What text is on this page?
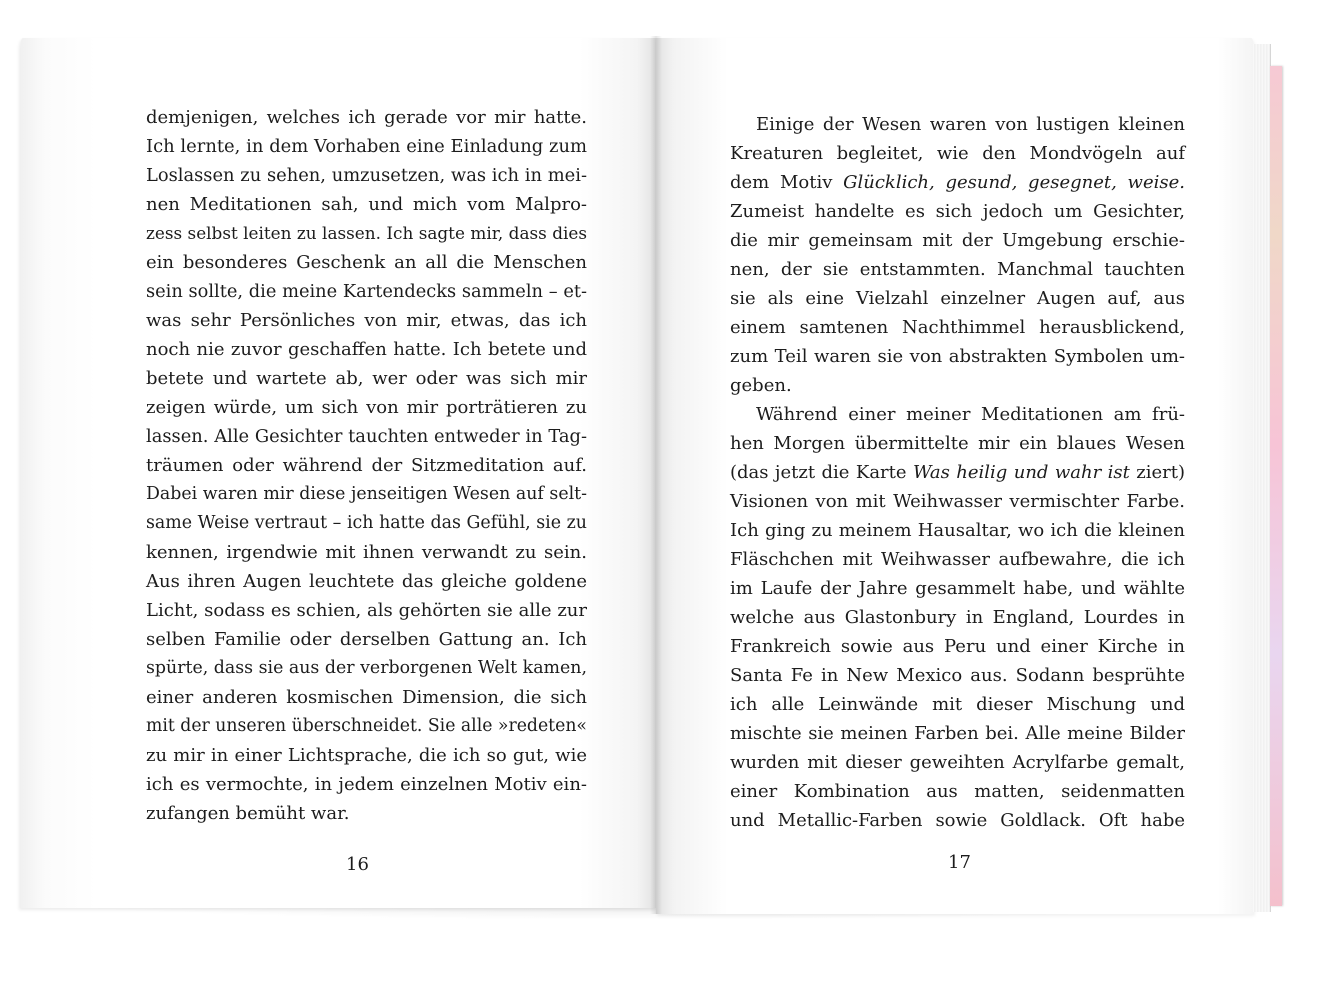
demjenigen, welches ich gerade vor mir hatte.
Ich lernte, in dem Vorhaben eine Einladung zum
Loslassen zu sehen, umzusetzen, was ich in mei-
nen Meditationen sah, und mich vom Malpro-
zess selbst leiten zu lassen. Ich sagte mir, dass dies
ein besonderes Geschenk an all die Menschen
sein sollte, die meine Kartendecks sammeln – et-
was sehr Persönliches von mir, etwas, das ich
noch nie zuvor geschaffen hatte. Ich betete und
betete und wartete ab, wer oder was sich mir
zeigen würde, um sich von mir porträtieren zu
lassen. Alle Gesichter tauchten entweder in Tag-
träumen oder während der Sitzmeditation auf.
Dabei waren mir diese jenseitigen Wesen auf selt-
same Weise vertraut – ich hatte das Gefühl, sie zu
kennen, irgendwie mit ihnen verwandt zu sein.
Aus ihren Augen leuchtete das gleiche goldene
Licht, sodass es schien, als gehörten sie alle zur
selben Familie oder derselben Gattung an. Ich
spürte, dass sie aus der verborgenen Welt kamen,
einer anderen kosmischen Dimension, die sich
mit der unseren überschneidet. Sie alle »redeten«
zu mir in einer Lichtsprache, die ich so gut, wie
ich es vermochte, in jedem einzelnen Motiv ein-
zufangen bemüht war.
16
Einige der Wesen waren von lustigen kleinen
Kreaturen begleitet, wie den Mondvögeln auf
dem Motiv Glücklich, gesund, gesegnet, weise.
Zumeist handelte es sich jedoch um Gesichter,
die mir gemeinsam mit der Umgebung erschie-
nen, der sie entstammten. Manchmal tauchten
sie als eine Vielzahl einzelner Augen auf, aus
einem samtenen Nachthimmel herausblickend,
zum Teil waren sie von abstrakten Symbolen um-
geben.
Während einer meiner Meditationen am frü-
hen Morgen übermittelte mir ein blaues Wesen
(das jetzt die Karte Was heilig und wahr ist ziert)
Visionen von mit Weihwasser vermischter Farbe.
Ich ging zu meinem Hausaltar, wo ich die kleinen
Fläschchen mit Weihwasser aufbewahre, die ich
im Laufe der Jahre gesammelt habe, und wählte
welche aus Glastonbury in England, Lourdes in
Frankreich sowie aus Peru und einer Kirche in
Santa Fe in New Mexico aus. Sodann besprühte
ich alle Leinwände mit dieser Mischung und
mischte sie meinen Farben bei. Alle meine Bilder
wurden mit dieser geweihten Acrylfarbe gemalt,
einer Kombination aus matten, seidenmatten
und Metallic-Farben sowie Goldlack. Oft habe
17
